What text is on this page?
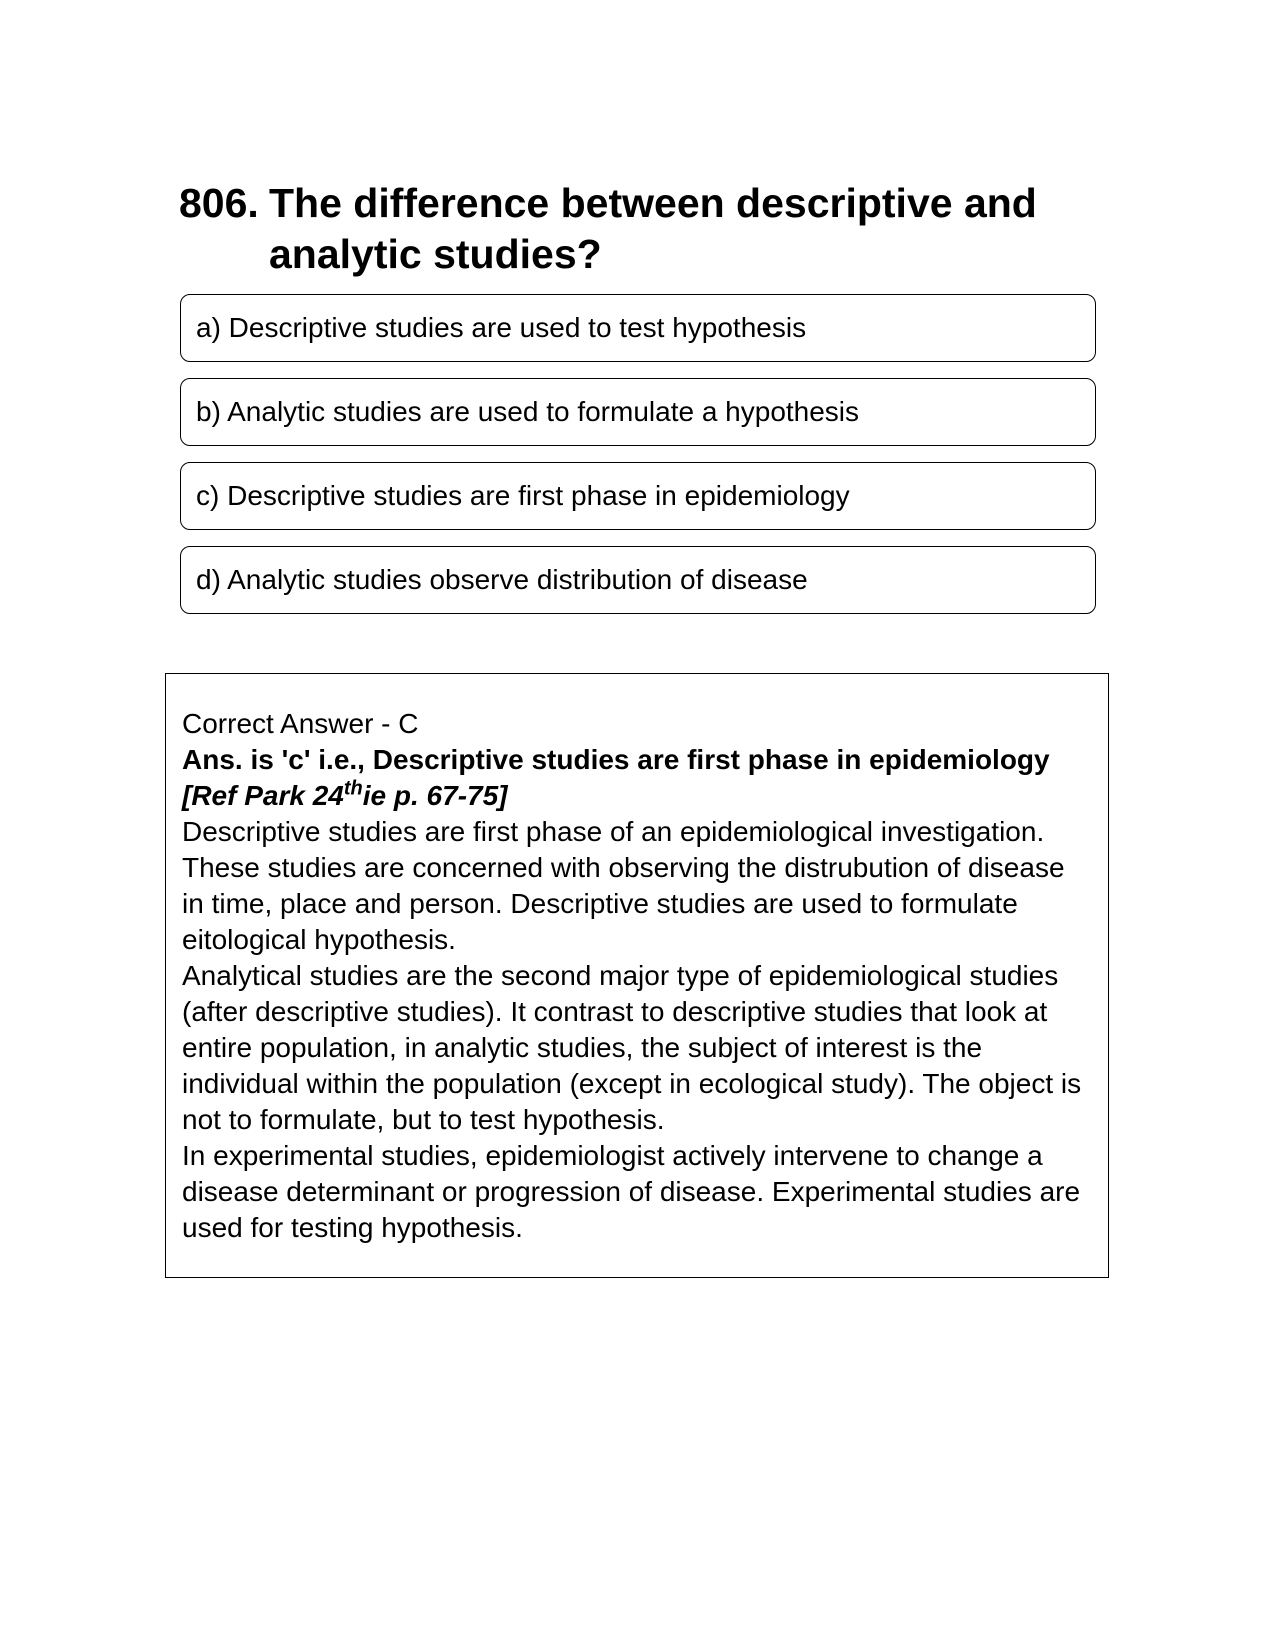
806. The difference between descriptive and analytic studies?
a) Descriptive studies are used to test hypothesis
b) Analytic studies are used to formulate a hypothesis
c) Descriptive studies are first phase in epidemiology
d) Analytic studies observe distribution of disease

Correct Answer - C

Ans. is 'c' i.e., Descriptive studies are first phase in epidemiology [Ref Park 24thie p. 67-75]

Descriptive studies are first phase of an epidemiological investigation. These studies are concerned with observing the distrubution of disease in time, place and person. Descriptive studies are used to formulate eitological hypothesis.

Analytical studies are the second major type of epidemiological studies (after descriptive studies). It contrast to descriptive studies that look at entire population, in analytic studies, the subject of interest is the individual within the population (except in ecological study). The object is not to formulate, but to test hypothesis.

In experimental studies, epidemiologist actively intervene to change a disease determinant or progression of disease. Experimental studies are used for testing hypothesis.
